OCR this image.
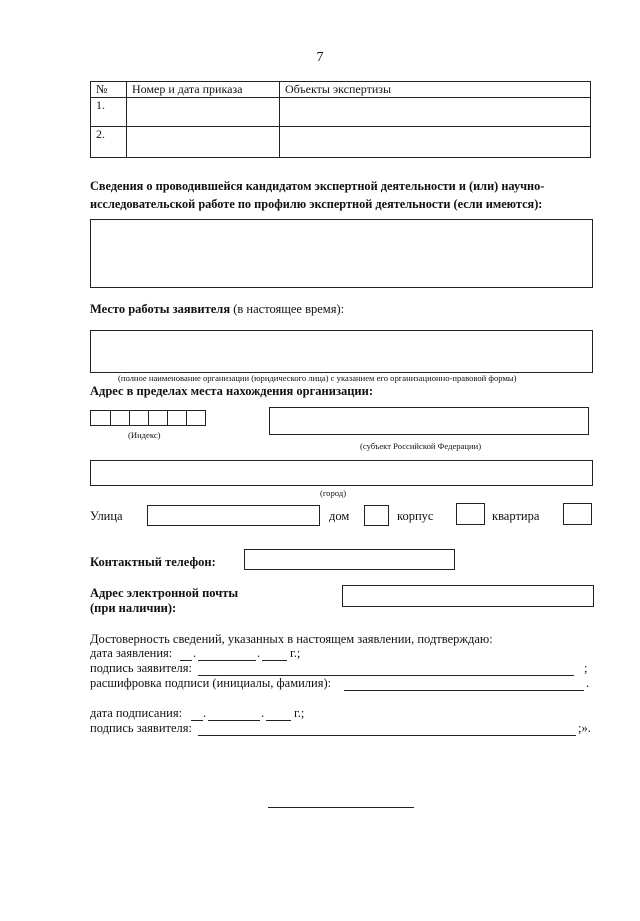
7
№	Номер и дата приказа	Объекты экспертизы
1.		
2.		
Сведения о проводившейся кандидатом экспертной деятельности и (или) научно-исследовательской работе по профилю экспертной деятельности (если имеются):
Место работы заявителя (в настоящее время):
(полное наименование организации (юридического лица) с указанием его организационно-правовой формы)
Адрес в пределах места нахождения организации:
(Индекс)
(субъект Российской Федерации)
(город)
Улица	дом	корпус	квартира
Контактный телефон:
Адрес электронной почты
(при наличии):
Достоверность сведений, указанных в настоящем заявлении, подтверждаю:
дата заявления: .	. г.;
подпись заявителя:	;
расшифровка подписи (инициалы, фамилия):	.
дата подписания: .	. г.;
подпись заявителя:	;».
